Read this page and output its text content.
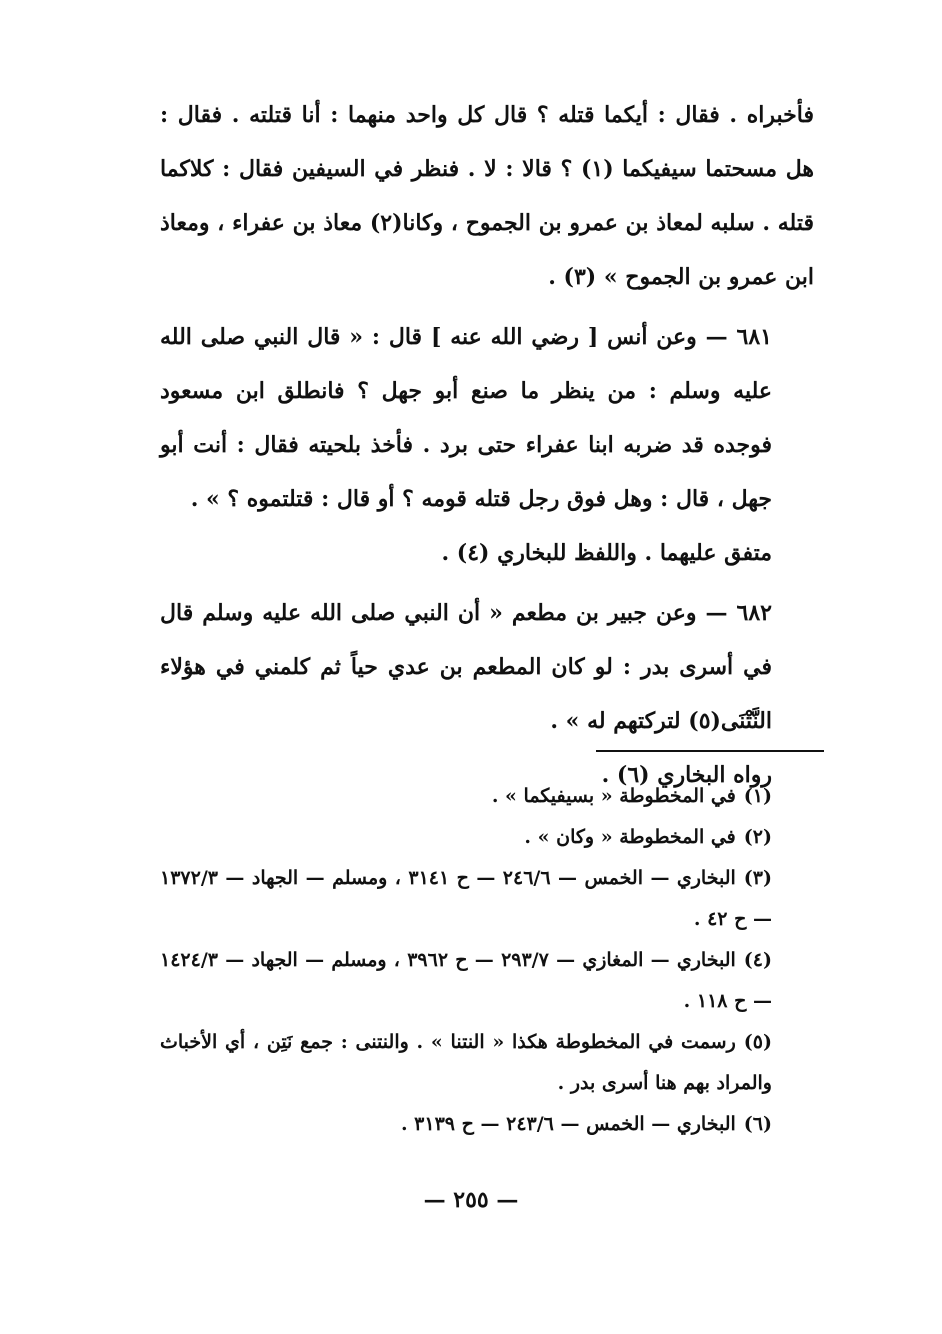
فأخبراه . فقال : أيكما قتله ؟ قال كل واحد منهما : أنا قتلته . فقال : هل مسحتما سيفيكما (١) ؟ قالا : لا . فنظر في السيفين فقال : كلاكما قتله . سلبه لمعاذ بن عمرو بن الجموح ، وكانا(٢) معاذ بن عفراء ، ومعاذ ابن عمرو بن الجموح » (٣) .

٦٨١ — وعن أنس [ رضي الله عنه ] قال : « قال النبي صلى الله عليه وسلم : من ينظر ما صنع أبو جهل ؟ فانطلق ابن مسعود فوجده قد ضربه ابنا عفراء حتى برد . فأخذ بلحيته فقال : أنت أبو جهل ، قال : وهل فوق رجل قتله قومه ؟ أو قال : قتلتموه ؟ » .

متفق عليهما . واللفظ للبخاري (٤) .

٦٨٢ — وعن جبير بن مطعم « أن النبي صلى الله عليه وسلم قال في أسرى بدر : لو كان المطعم بن عدي حياً ثم كلمني في هؤلاء النَّتْنَى(٥) لتركتهم له » .

رواه البخاري (٦) .

(١)في المخطوطة « بسيفيكما » .

(٢)في المخطوطة « وكان » .

(٣)البخاري — الخمس — ٢٤٦/٦ — ح ٣١٤١ ، ومسلم — الجهاد — ١٣٧٢/٣ — ح ٤٢ .

(٤)البخاري — المغازي — ٢٩٣/٧ — ح ٣٩٦٢ ، ومسلم — الجهاد — ١٤٢٤/٣ — ح ١١٨ .

(٥)رسمت في المخطوطة هكذا « النتنا » . والنتنى : جمع نَتِن ، أي الأخباث والمراد بهم هنا أسرى بدر .

(٦)البخاري — الخمس — ٢٤٣/٦ — ح ٣١٣٩ .

— ٢٥٥ —
